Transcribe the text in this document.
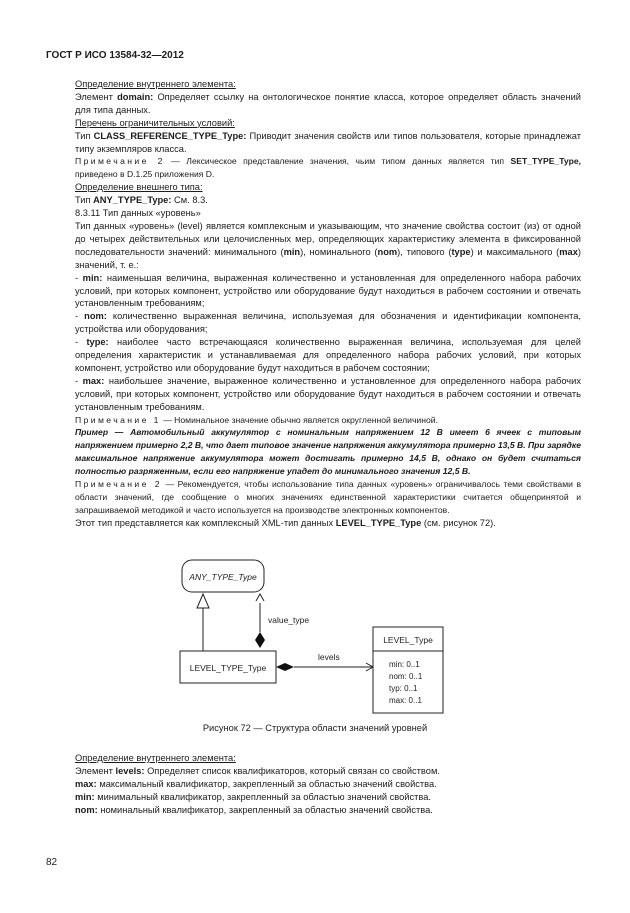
ГОСТ Р ИСО 13584-32—2012

Определение внутреннего элемента:

Элемент domain: Определяет ссылку на онтологическое понятие класса, которое определяет область значений для типа данных.

Перечень ограничительных условий:

Тип CLASS_REFERENCE_TYPE_Type: Приводит значения свойств или типов пользователя, которые принадлежат типу экземпляров класса.

Примечание 2 — Лексическое представление значения, чьим типом данных является тип SET_TYPE_Type, приведено в D.1.25 приложения D.

Определение внешнего типа:

Тип ANY_TYPE_Type: См. 8.3.

8.3.11 Тип данных «уровень»

Тип данных «уровень» (level) является комплексным и указывающим, что значение свойства состоит (из) от одной до четырех действительных или целочисленных мер, определяющих характеристику элемента в фиксированной последовательности значений: минимального (min), номинального (nom), типового (type) и максимального (max) значений, т. е.:

- min: наименьшая величина, выраженная количественно и установленная для определенного набора рабочих условий, при которых компонент, устройство или оборудование будут находиться в рабочем состоянии и отвечать установленным требованиям;

- nom: количественно выраженная величина, используемая для обозначения и идентификации компонента, устройства или оборудования;

- type: наиболее часто встречающаяся количественно выраженная величина, используемая для целей определения характеристик и устанавливаемая для определенного набора рабочих условий, при которых компонент, устройство или оборудование будут находиться в рабочем состоянии;

- max: наибольшее значение, выраженное количественно и установленное для определенного набора рабочих условий, при которых компонент, устройство или оборудование будут находиться в рабочем состоянии и отвечать установленным требованиям.

Примечание 1 — Номинальное значение обычно является округленной величиной.

Пример — Автомобильный аккумулятор с номинальным напряжением 12 В имеет 6 ячеек с типовым напряжением примерно 2,2 В, что дает типовое значение напряжения аккумулятора примерно 13,5 В. При зарядке максимальное напряжение аккумулятора может достигать примерно 14,5 В, однако он будет считаться полностью разряженным, если его напряжение упадет до минимального значения 12,5 В.

Примечание 2 — Рекомендуется, чтобы использование типа данных «уровень» ограничивалось теми свойствами в области значений, где сообщение о многих значениях единственной характеристики считается общепринятой и запрашиваемой методикой и часто используется на производстве электронных компонентов.

Этот тип представляется как комплексный XML-тип данных LEVEL_TYPE_Type (см. рисунок 72).

ANY_TYPE_Type
value_type
LEVEL_TYPE_Type
levels
LEVEL_Type
min: 0..1
nom: 0..1
typ: 0..1
max: 0..1
Рисунок 72 — Структура области значений уровней

Определение внутреннего элемента:

Элемент levels: Определяет список квалификаторов, который связан со свойством.

max: максимальный квалификатор, закрепленный за областью значений свойства.

min: минимальный квалификатор, закрепленный за областью значений свойства.

nom: номинальный квалификатор, закрепленный за областью значений свойства.

82
